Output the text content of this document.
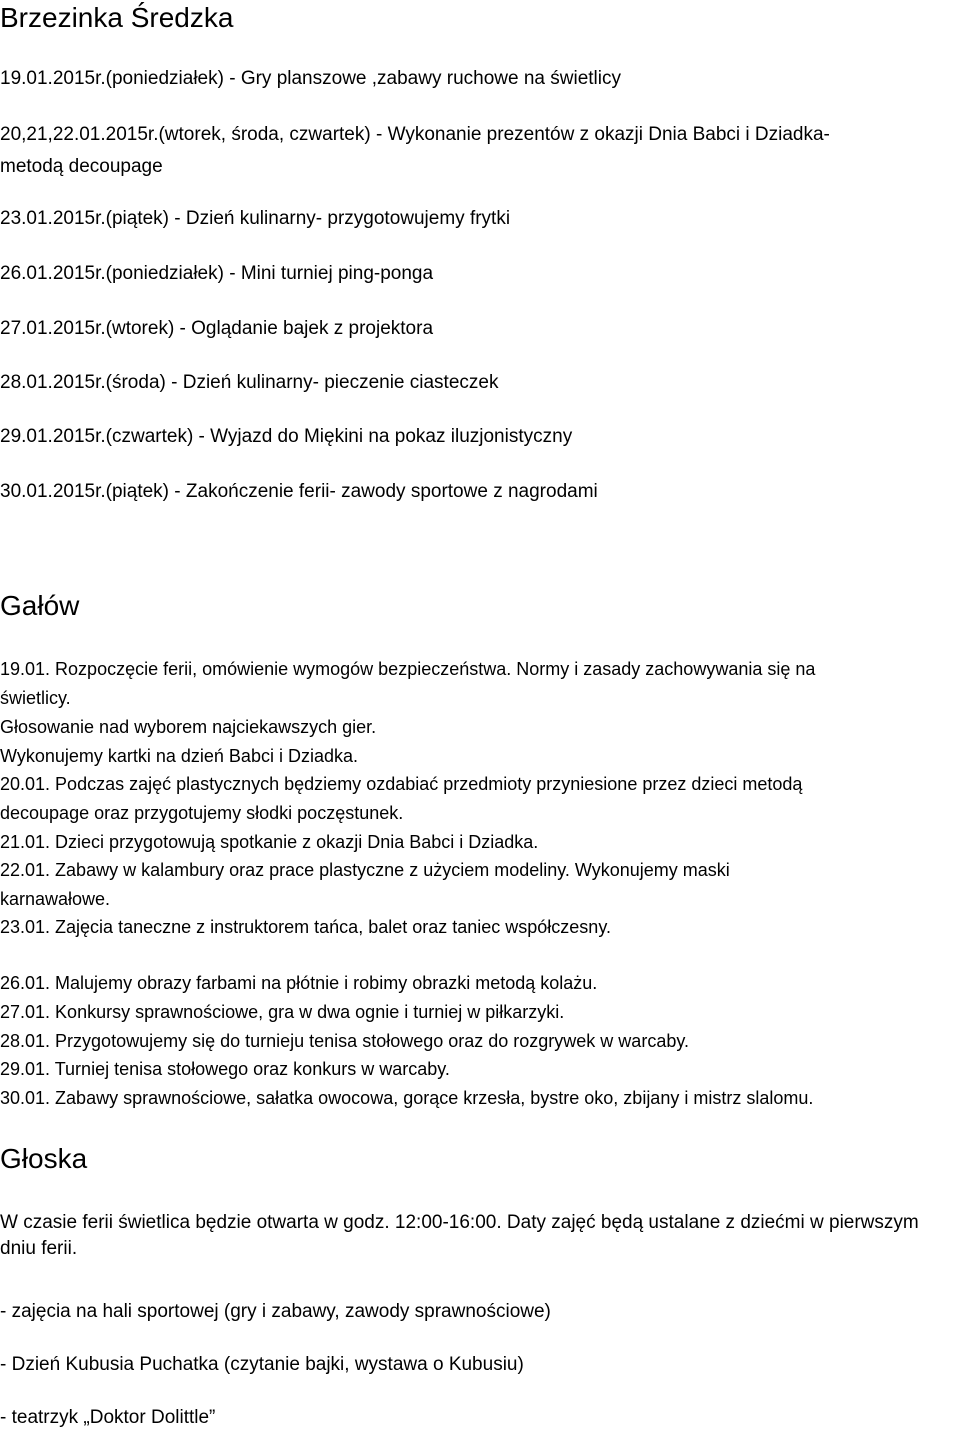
Brzezinka Średzka
19.01.2015r.(poniedziałek) - Gry planszowe ,zabawy ruchowe na świetlicy
20,21,22.01.2015r.(wtorek, środa, czwartek) - Wykonanie prezentów z okazji Dnia Babci i Dziadka-
metodą decoupage
23.01.2015r.(piątek) - Dzień kulinarny- przygotowujemy frytki
26.01.2015r.(poniedziałek) - Mini turniej ping-ponga
27.01.2015r.(wtorek) - Oglądanie bajek z projektora
28.01.2015r.(środa) - Dzień kulinarny- pieczenie ciasteczek
29.01.2015r.(czwartek) - Wyjazd do Miękini na pokaz iluzjonistyczny
30.01.2015r.(piątek) - Zakończenie ferii- zawody sportowe z nagrodami
Gałów
19.01. Rozpoczęcie ferii, omówienie wymogów bezpieczeństwa. Normy i zasady zachowywania się na
świetlicy.
Głosowanie nad wyborem najciekawszych gier.
Wykonujemy kartki na dzień Babci i Dziadka.
20.01. Podczas zajęć plastycznych będziemy ozdabiać przedmioty przyniesione przez dzieci metodą
decoupage oraz przygotujemy słodki poczęstunek.
21.01. Dzieci przygotowują spotkanie z okazji Dnia Babci i Dziadka.
22.01. Zabawy w kalambury oraz prace plastyczne z użyciem modeliny. Wykonujemy maski
karnawałowe.
23.01. Zajęcia taneczne z instruktorem tańca, balet oraz taniec współczesny.
26.01. Malujemy obrazy farbami na płótnie i robimy obrazki metodą kolażu.
27.01. Konkursy sprawnościowe, gra w dwa ognie i turniej w piłkarzyki.
28.01. Przygotowujemy się do turnieju tenisa stołowego oraz do rozgrywek w warcaby.
29.01. Turniej tenisa stołowego oraz konkurs w warcaby.
30.01. Zabawy sprawnościowe, sałatka owocowa, gorące krzesła, bystre oko, zbijany i mistrz slalomu.
Głoska
W czasie ferii świetlica będzie otwarta w godz. 12:00-16:00. Daty zajęć będą ustalane z dziećmi w pierwszym dniu ferii.
- zajęcia na hali sportowej (gry i zabawy, zawody sprawnościowe)
- Dzień Kubusia Puchatka (czytanie bajki, wystawa o Kubusiu)
- teatrzyk „Doktor Dolittle”
